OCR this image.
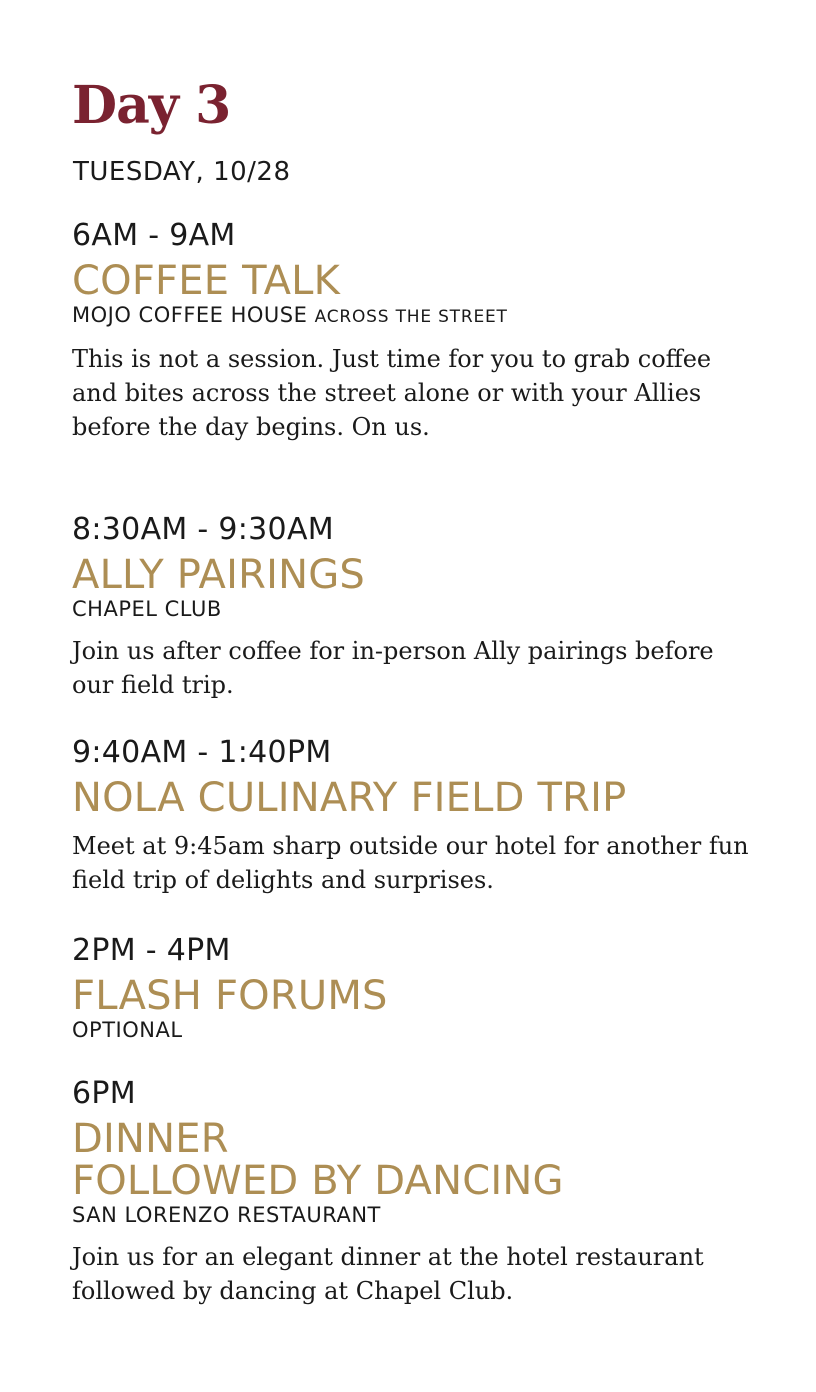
Day 3
TUESDAY, 10/28
6AM - 9AM
COFFEE TALK
MOJO COFFEE HOUSE ACROSS THE STREET
This is not a session. Just time for you to grab coffee and bites across the street alone or with your Allies before the day begins. On us.
8:30AM - 9:30AM
ALLY PAIRINGS
CHAPEL CLUB
Join us after coffee for in-person Ally pairings before our field trip.
9:40AM - 1:40PM
NOLA CULINARY FIELD TRIP
Meet at 9:45am sharp outside our hotel for another fun field trip of delights and surprises.
2PM - 4PM
FLASH FORUMS
OPTIONAL
6PM
DINNER
FOLLOWED BY DANCING
SAN LORENZO RESTAURANT
Join us for an elegant dinner at the hotel restaurant followed by dancing at Chapel Club.
